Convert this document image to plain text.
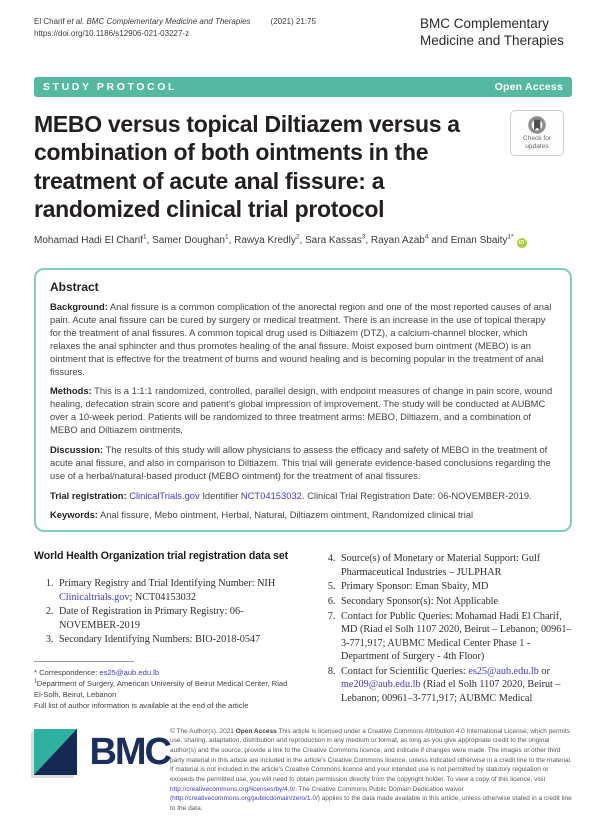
El Charif et al. BMC Complementary Medicine and Therapies	(2021) 21:75
https://doi.org/10.1186/s12906-021-03227-z
BMC Complementary
Medicine and Therapies
STUDY PROTOCOL	Open Access
MEBO versus topical Diltiazem versus a combination of both ointments in the treatment of acute anal fissure: a randomized clinical trial protocol
Check for
updates
Mohamad Hadi El Charif$^1$, Samer Doughan$^1$, Rawya Kredly$^2$, Sara Kassas$^3$, Rayan Azab$^4$ and Eman Sbaity$^{1*}$iD
Abstract

Background: Anal fissure is a common complication of the anorectal region and one of the most reported causes of anal pain. Acute anal fissure can be cured by surgery or medical treatment. There is an increase in the use of topical therapy for the treatment of anal fissures. A common topical drug used is Diltiazem (DTZ), a calcium-channel blocker, which relaxes the anal sphincter and thus promotes healing of the anal fissure. Moist exposed burn ointment (MEBO) is an ointment that is effective for the treatment of burns and wound healing and is becoming popular in the treatment of anal fissures.

Methods: This is a 1:1:1 randomized, controlled, parallel design, with endpoint measures of change in pain score, wound healing, defecation strain score and patient’s global impression of improvement. The study will be conducted at AUBMC over a 10-week period. Patients will be randomized to three treatment arms: MEBO, Diltiazem, and a combination of MEBO and Diltiazem ointments.

Discussion: The results of this study will allow physicians to assess the efficacy and safety of MEBO in the treatment of acute anal fissure, and also in comparison to Diltiazem. This trial will generate evidence-based conclusions regarding the use of a herbal/natural-based product (MEBO ointment) for the treatment of anal fissures.

Trial registration: ClinicalTrials.gov Identifier NCT04153032. Clinical Trial Registration Date: 06-NOVEMBER-2019.

Keywords: Anal fissure, Mebo ointment, Herbal, Natural, Diltiazem ointment, Randomized clinical trial

World Health Organization trial registration data set
1. Primary Registry and Trial Identifying Number: NIH Clinicaltrials.gov; NCT04153032
2. Date of Registration in Primary Registry: 06-NOVEMBER-2019
3. Secondary Identifying Numbers: BIO-2018-0547

* Correspondence: es25@aub.edu.lb

$^1$Department of Surgery, American University of Beirut Medical Center, Riad El-Solh, Beirut, Lebanon

Full list of author information is available at the end of the article

4. Source(s) of Monetary or Material Support: Gulf Pharmaceutical Industries – JULPHAR
5. Primary Sponsor: Eman Sbaity, MD
6. Secondary Sponsor(s): Not Applicable
7. Contact for Public Queries: Mohamad Hadi El Charif, MD (Riad el Solh 1107 2020, Beirut – Lebanon; 00961–3-771,917; AUBMC Medical Center Phase 1 - Department of Surgery - 4th Floor)
8. Contact for Scientific Queries: es25@aub.edu.lb or me209@aub.edu.lb (Riad el Solh 1107 2020, Beirut – Lebanon; 00961–3-771,917; AUBMC Medical
BMC © The Author(s). 2021 Open Access This article is licensed under a Creative Commons Attribution 4.0 International License, which permits use, sharing, adaptation, distribution and reproduction in any medium or format, as long as you give appropriate credit to the original author(s) and the source, provide a link to the Creative Commons licence, and indicate if changes were made. The images or other third party material in this article are included in the article's Creative Commons licence, unless indicated otherwise in a credit line to the material. If material is not included in the article's Creative Commons licence and your intended use is not permitted by statutory regulation or exceeds the permitted use, you will need to obtain permission directly from the copyright holder. To view a copy of this licence, visit http://creativecommons.org/licenses/by/4.0/. The Creative Commons Public Domain Dedication waiver (http://creativecommons.org/publicdomain/zero/1.0/) applies to the data made available in this article, unless otherwise stated in a credit line to the data.
